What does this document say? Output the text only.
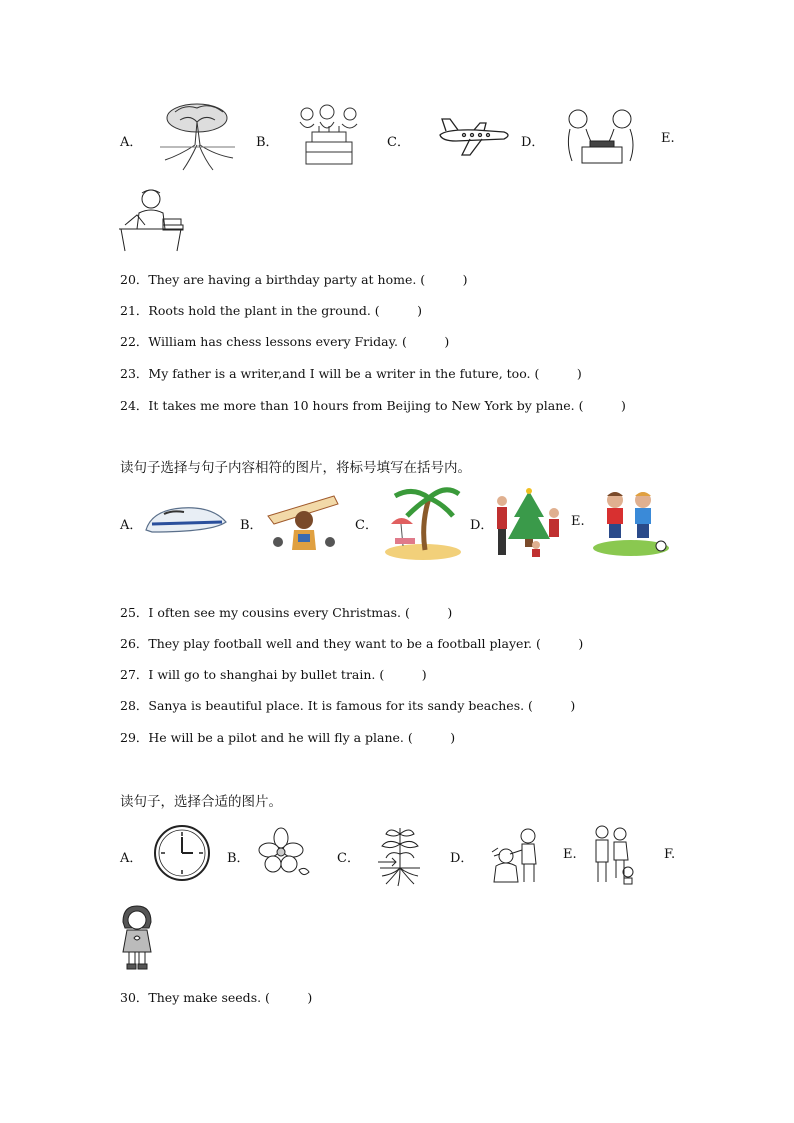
A．	B．	C．	D．	E.
20．They are having a birthday party at home. (　　　)
21．Roots hold the plant in the ground. (　　　)
22．William has chess lessons every Friday. (　　　)
23．My father is a writer,and I will be a writer in the future, too. (　　　)
24．It takes me more than 10 hours from Beijing to New York by plane. (　　　)
读句子选择与句子内容相符的图片，将标号填写在括号内。
A．	B．	C．	D．	E.
25．I often see my cousins every Christmas. (　　　)
26．They play football well and they want to be a football player. (　　　)
27．I will go to shanghai by bullet train. (　　　)
28．Sanya is beautiful place. It is famous for its sandy beaches. (　　　)
29．He will be a pilot and he will fly a plane. (　　　)
读句子，选择合适的图片。
A．	B．	C．	D．	E.	F.
30．They make seeds. (　　　)
